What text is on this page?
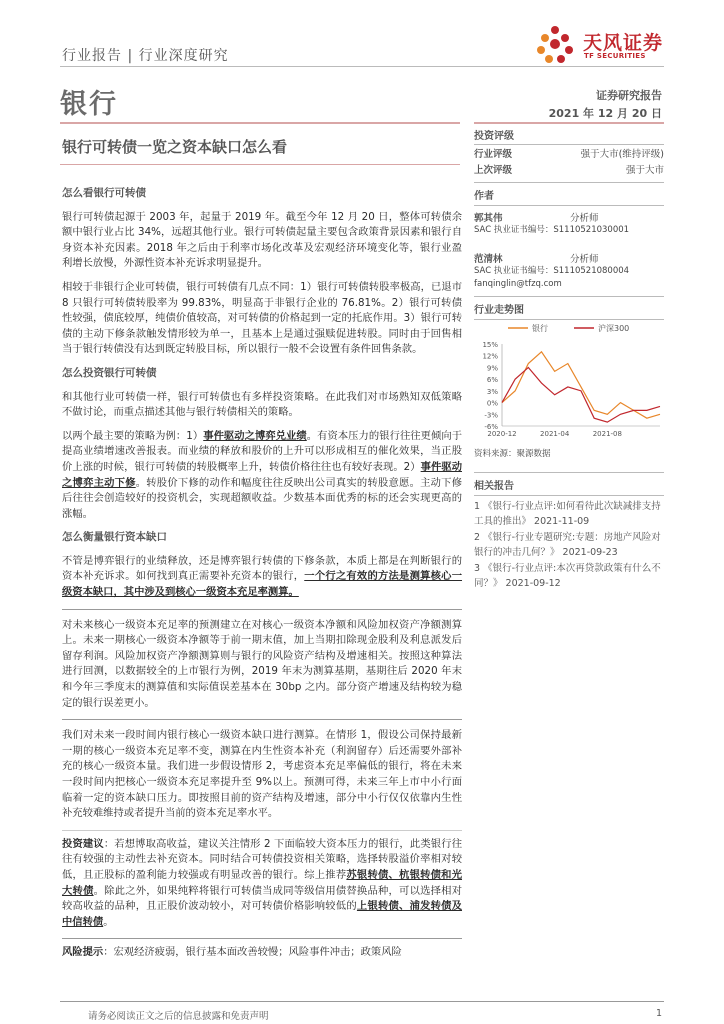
行业报告 | 行业深度研究
天风证券
TF SECURITIES
银行	证券研究报告
2021 年 12 月 20 日
银行可转债一览之资本缺口怎么看
怎么看银行可转债

银行可转债起源于 2003 年，起量于 2019 年。截至今年 12 月 20 日，整体可转债余额中银行业占比 34%，远超其他行业。银行可转债起量主要包含政策背景因素和银行自身资本补充因素。2018 年之后由于利率市场化改革及宏观经济环境变化等，银行业盈利增长放慢，外源性资本补充诉求明显提升。

相较于非银行企业可转债，银行可转债有几点不同：1）银行可转债转股率极高，已退市 8 只银行可转债转股率为 99.83%，明显高于非银行企业的 76.81%。2）银行可转债性较强，债底较厚，纯债价值较高，对可转债的价格起到一定的托底作用。3）银行可转债的主动下修条款触发情形较为单一，且基本上是通过强赎促进转股。同时由于回售相当于银行转债没有达到既定转股目标，所以银行一般不会设置有条件回售条款。

怎么投资银行可转债

和其他行业可转债一样，银行可转债也有多样投资策略。在此我们对市场熟知双低策略不做讨论，而重点描述其他与银行转债相关的策略。

以两个最主要的策略为例：1）事件驱动之博弈兑业绩。有资本压力的银行往往更倾向于提高业绩增速改善报表。而业绩的释放和股价的上升可以形成相互的催化效果，当正股价上涨的时候，银行可转债的转股概率上升，转债价格往往也有较好表现。2）事件驱动之博弈主动下修。转股价下修的动作和幅度往往反映出公司真实的转股意愿。主动下修后往往会创造较好的投资机会，实现超额收益。少数基本面优秀的标的还会实现更高的涨幅。

怎么衡量银行资本缺口

不管是博弈银行的业绩释放，还是博弈银行转债的下修条款，本质上都是在判断银行的资本补充诉求。如何找到真正需要补充资本的银行，一个行之有效的方法是测算核心一级资本缺口，其中涉及到核心一级资本充足率测算。

对未来核心一级资本充足率的预测建立在对核心一级资本净额和风险加权资产净额测算上。未来一期核心一级资本净额等于前一期末值，加上当期扣除现金股利及利息派发后留存利润。风险加权资产净额测算则与银行的风险资产结构及增速相关。按照这种算法进行回测，以数据较全的上市银行为例，2019 年末为测算基期，基期往后 2020 年末和今年三季度末的测算值和实际值误差基本在 30bp 之内。部分资产增速及结构较为稳定的银行误差更小。

我们对未来一段时间内银行核心一级资本缺口进行测算。在情形 1，假设公司保持最新一期的核心一级资本充足率不变，测算在内生性资本补充（利润留存）后还需要外部补充的核心一级资本量。我们进一步假设情形 2，考虑资本充足率偏低的银行，将在未来一段时间内把核心一级资本充足率提升至 9%以上。预测可得，未来三年上市中小行面临着一定的资本缺口压力。即按照目前的资产结构及增速，部分中小行仅仅依靠内生性补充较难维持或者提升当前的资本充足率水平。

投资建议：若想博取高收益，建议关注情形 2 下面临较大资本压力的银行，此类银行往往有较强的主动性去补充资本。同时结合可转债投资相关策略，选择转股溢价率相对较低，且正股标的盈利能力较强或有明显改善的银行。综上推荐苏银转债、杭银转债和光大转债。除此之外，如果纯粹将银行可转债当成同等级信用债替换品种，可以选择相对较高收益的品种，且正股价波动较小，对可转债价格影响较低的上银转债、浦发转债及中信转债。

风险提示：宏观经济疲弱，银行基本面改善较慢；风险事件冲击；政策风险

投资评级
行业评级	强于大市(维持评级)
上次评级	强于大市
作者
郭其伟	分析师
SAC 执业证书编号：S1110521030001
范清林	分析师
SAC 执业证书编号：S1110521080004
fanqinglin@tfzq.com
行业走势图
银行	沪深300
15%
12%
9%
6%
3%
0%
-3%
-6%
2020-12	2021-04	2021-08
资料来源：聚源数据
相关报告
1 《银行-行业点评:如何看待此次缺减排支持工具的推出》 2021-11-09
2 《银行-行业专题研究:专题：房地产风险对银行的冲击几何？》 2021-09-23
3 《银行-行业点评:本次再贷款政策有什么不同？》 2021-09-12
请务必阅读正文之后的信息披露和免责声明	1
